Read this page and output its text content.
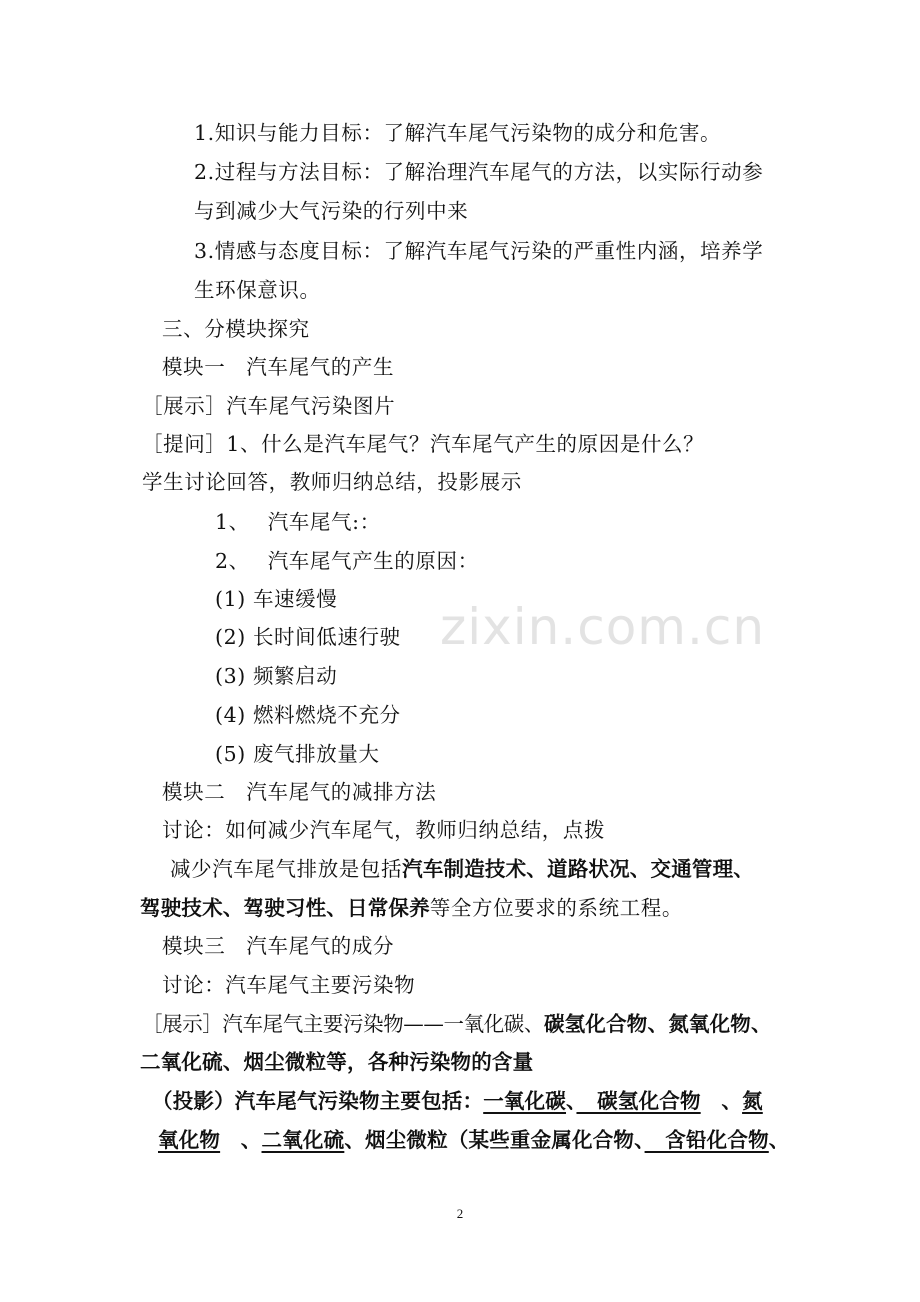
zixin.com.cn
1.知识与能力目标：了解汽车尾气污染物的成分和危害。
2.过程与方法目标：了解治理汽车尾气的方法，以实际行动参
与到减少大气污染的行列中来
3.情感与态度目标：了解汽车尾气污染的严重性内涵，培养学
生环保意识。
三、分模块探究
模块一　汽车尾气的产生
［展示］汽车尾气污染图片
［提问］1、什么是汽车尾气？汽车尾气产生的原因是什么？
学生讨论回答，教师归纳总结，投影展示
1、　 汽车尾气:：
2、　 汽车尾气产生的原因：
(1) 车速缓慢
(2) 长时间低速行驶
(3) 频繁启动
(4) 燃料燃烧不充分
(5) 废气排放量大
模块二　汽车尾气的减排方法
讨论：如何减少汽车尾气，教师归纳总结，点拨
减少汽车尾气排放是包括汽车制造技术、道路状况、交通管理、
驾驶技术、驾驶习性、日常保养等全方位要求的系统工程。
模块三　汽车尾气的成分
讨论：汽车尾气主要污染物
［展示］汽车尾气主要污染物——一氧化碳、碳氢化合物、氮氧化物、
二氧化硫、烟尘微粒等，各种污染物的含量
（投影）汽车尾气污染物主要包括：一氧化碳、　碳氢化合物　、氮
氧化物　、二氧化硫、烟尘微粒（某些重金属化合物、　含铅化合物、
2
